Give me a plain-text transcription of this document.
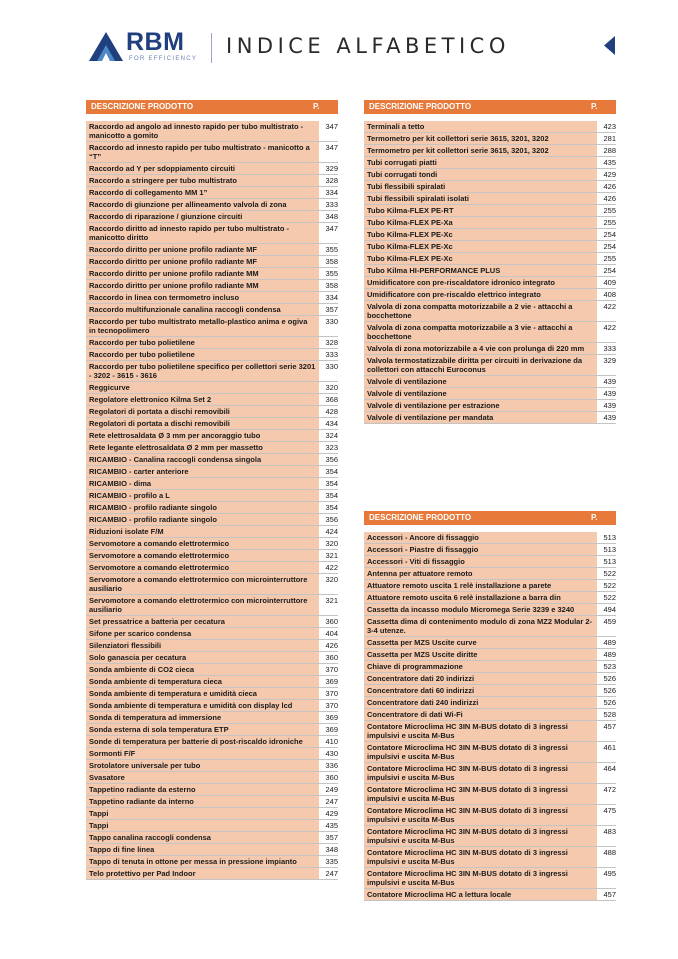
RBM
FOR EFFICIENCY
INDICE ALFABETICO
DESCRIZIONE PRODOTTO	P.
Raccordo ad angolo ad innesto rapido per tubo multistrato - manicotto a gomito
347
Raccordo ad innesto rapido per tubo multistrato - manicotto a “T”
347
Raccordo ad Y per sdoppiamento circuiti	329
Raccordo a stringere per tubo multistrato	328
Raccordo di collegamento MM 1”	334
Raccordo di giunzione per allineamento valvola di zona	333
Raccordo di riparazione / giunzione circuiti	348
Raccordo diritto ad innesto rapido per tubo multistrato - manicotto diritto
347
Raccordo diritto per unione profilo radiante MF	355
Raccordo diritto per unione profilo radiante MF	358
Raccordo diritto per unione profilo radiante MM	355
Raccordo diritto per unione profilo radiante MM	358
Raccordo in linea con termometro incluso	334
Raccordo multifunzionale canalina raccogli condensa	357
Raccordo per tubo multistrato metallo-plastico anima e ogiva in tecnopolimero
330
Raccordo per tubo polietilene	328
Raccordo per tubo polietilene	333
Raccordo per tubo polietilene specifico per collettori serie 3201 - 3202 - 3615 - 3616
330
Reggicurve	320
Regolatore elettronico Kilma Set 2	368
Regolatori di portata a dischi removibili	428
Regolatori di portata a dischi removibili	434
Rete elettrosaldata Ø 3 mm per ancoraggio tubo	324
Rete legante elettrosaldata Ø 2 mm per massetto	323
RICAMBIO - Canalina raccogli condensa singola	356
RICAMBIO - carter anteriore	354
RICAMBIO - dima	354
RICAMBIO - profilo a L	354
RICAMBIO - profilo radiante singolo	354
RICAMBIO - profilo radiante singolo	356
Riduzioni isolate F/M	424
Servomotore a comando elettrotermico	320
Servomotore a comando elettrotermico	321
Servomotore a comando elettrotermico	422
Servomotore a comando elettrotermico con microinterruttore ausiliario
320
Servomotore a comando elettrotermico con microinterruttore ausiliario
321
Set pressatrice a batteria per cecatura	360
Sifone per scarico condensa	404
Silenziatori flessibili	426
Solo ganascia per cecatura	360
Sonda ambiente di CO2 cieca	370
Sonda ambiente di temperatura cieca	369
Sonda ambiente di temperatura e umidità cieca	370
Sonda ambiente di temperatura e umidità con display lcd	370
Sonda di temperatura ad immersione	369
Sonda esterna di sola temperatura ETP	369
Sonde di temperatura per batterie di post-riscaldo idroniche	410
Sormonti F/F	430
Srotolatore universale per tubo	336
Svasatore	360
Tappetino radiante da esterno	249
Tappetino radiante da interno	247
Tappi	429
Tappi	435
Tappo canalina raccogli condensa	357
Tappo di fine linea	348
Tappo di tenuta in ottone per messa in pressione impianto	335
Telo protettivo per Pad Indoor	247
DESCRIZIONE PRODOTTO	P.
Terminali a tetto	423
Termometro per kit collettori serie 3615, 3201, 3202	281
Termometro per kit collettori serie 3615, 3201, 3202	288
Tubi corrugati piatti	435
Tubi corrugati tondi	429
Tubi flessibili spiralati	426
Tubi flessibili spiralati isolati	426
Tubo Kilma-FLEX PE-RT	255
Tubo Kilma-FLEX PE-Xa	255
Tubo Kilma-FLEX PE-Xc	254
Tubo Kilma-FLEX PE-Xc	254
Tubo Kilma-FLEX PE-Xc	255
Tubo Kilma HI-PERFORMANCE PLUS	254
Umidificatore con pre-riscaldatore idronico integrato	409
Umidificatore con pre-riscaldo elettrico integrato	408
Valvola di zona compatta motorizzabile a 2 vie - attacchi a bocchettone
422
Valvola di zona compatta motorizzabile a 3 vie - attacchi a bocchettone
422
Valvola di zona motorizzabile a 4 vie con prolunga di 220 mm	333
Valvola termostatizzabile diritta per circuiti in derivazione da collettori con attacchi Euroconus
329
Valvole di ventilazione	439
Valvole di ventilazione	439
Valvole di ventilazione per estrazione	439
Valvole di ventilazione per mandata	439
DESCRIZIONE PRODOTTO	P.
Accessori - Ancore di fissaggio	513
Accessori - Piastre di fissaggio	513
Accessori - Viti di fissaggio	513
Antenna per attuatore remoto	522
Attuatore remoto uscita 1 relè installazione a parete	522
Attuatore remoto uscita 6 relè installazione a barra din	522
Cassetta da incasso modulo Micromega Serie 3239 e 3240	494
Cassetta dima di contenimento modulo di zona MZ2 Modular 2-3-4 utenze.
459
Cassetta per MZS Uscite curve	489
Cassetta per MZS Uscite diritte	489
Chiave di programmazione	523
Concentratore dati 20 indirizzi	526
Concentratore dati 60 indirizzi	526
Concentratore dati 240 indirizzi	526
Concentratore di dati Wi-Fi	528
Contatore Microclima HC 3IN M-BUS dotato di 3 ingressi impulsivi e uscita M-Bus
457
Contatore Microclima HC 3IN M-BUS dotato di 3 ingressi impulsivi e uscita M-Bus
461
Contatore Microclima HC 3IN M-BUS dotato di 3 ingressi impulsivi e uscita M-Bus
464
Contatore Microclima HC 3IN M-BUS dotato di 3 ingressi impulsivi e uscita M-Bus
472
Contatore Microclima HC 3IN M-BUS dotato di 3 ingressi impulsivi e uscita M-Bus
475
Contatore Microclima HC 3IN M-BUS dotato di 3 ingressi impulsivi e uscita M-Bus
483
Contatore Microclima HC 3IN M-BUS dotato di 3 ingressi impulsivi e uscita M-Bus
488
Contatore Microclima HC 3IN M-BUS dotato di 3 ingressi impulsivi e uscita M-Bus
495
Contatore Microclima HC a lettura locale	457
